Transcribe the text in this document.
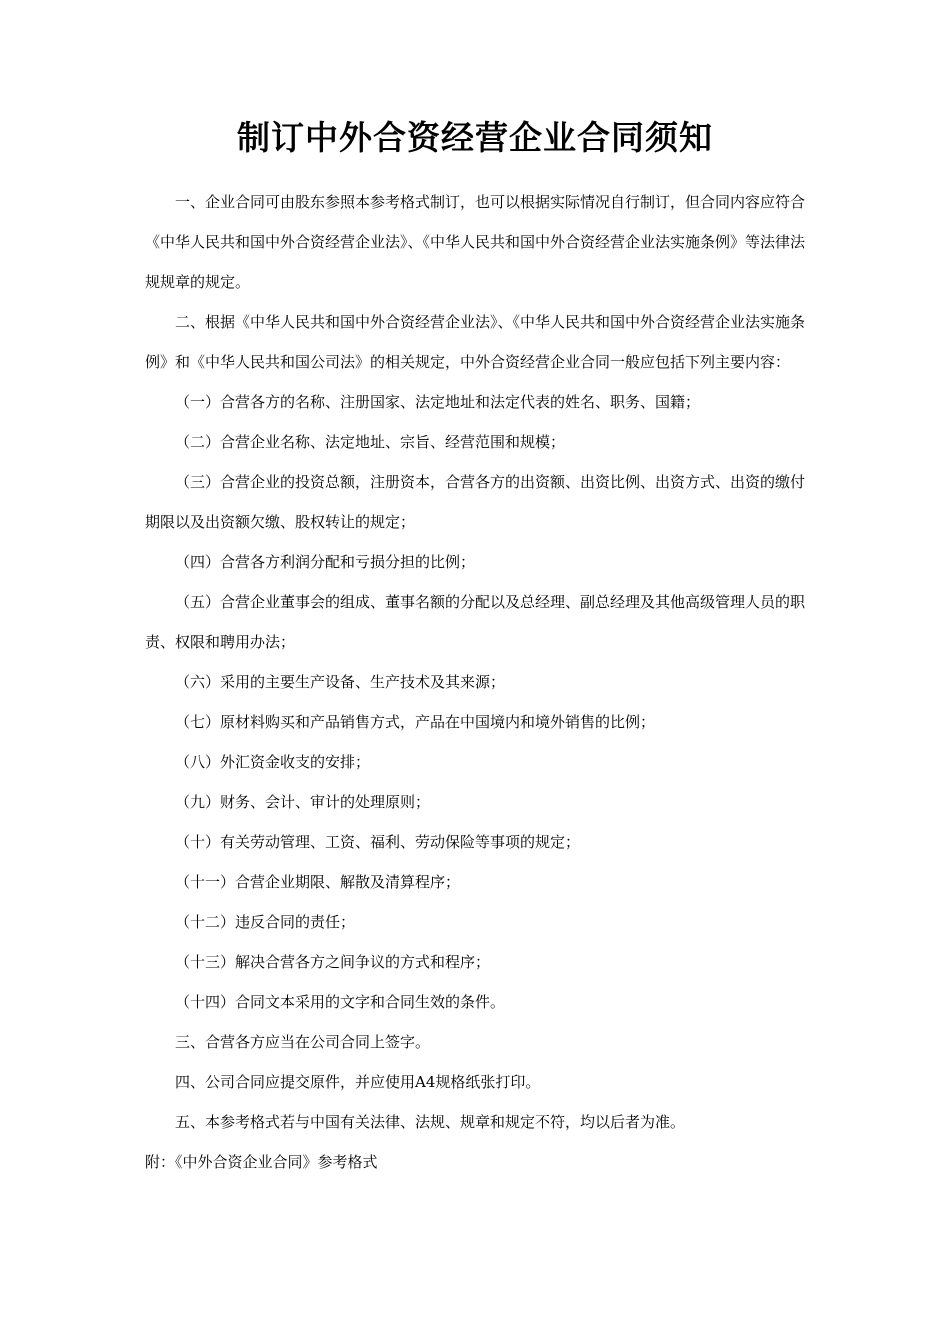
制订中外合资经营企业合同须知

一、企业合同可由股东参照本参考格式制订，也可以根据实际情况自行制订，但合同内容应符合《中华人民共和国中外合资经营企业法》、《中华人民共和国中外合资经营企业法实施条例》等法律法规规章的规定。

二、根据《中华人民共和国中外合资经营企业法》、《中华人民共和国中外合资经营企业法实施条例》和《中华人民共和国公司法》的相关规定，中外合资经营企业合同一般应包括下列主要内容：

（一）合营各方的名称、注册国家、法定地址和法定代表的姓名、职务、国籍；

（二）合营企业名称、法定地址、宗旨、经营范围和规模；

（三）合营企业的投资总额，注册资本，合营各方的出资额、出资比例、出资方式、出资的缴付期限以及出资额欠缴、股权转让的规定；

（四）合营各方利润分配和亏损分担的比例；

（五）合营企业董事会的组成、董事名额的分配以及总经理、副总经理及其他高级管理人员的职责、权限和聘用办法；

（六）采用的主要生产设备、生产技术及其来源；

（七）原材料购买和产品销售方式，产品在中国境内和境外销售的比例；

（八）外汇资金收支的安排；

（九）财务、会计、审计的处理原则；

（十）有关劳动管理、工资、福利、劳动保险等事项的规定；

（十一）合营企业期限、解散及清算程序；

（十二）违反合同的责任；

（十三）解决合营各方之间争议的方式和程序；

（十四）合同文本采用的文字和合同生效的条件。

三、合营各方应当在公司合同上签字。

四、公司合同应提交原件，并应使用A4规格纸张打印。

五、本参考格式若与中国有关法律、法规、规章和规定不符，均以后者为准。

附：《中外合资企业合同》参考格式
